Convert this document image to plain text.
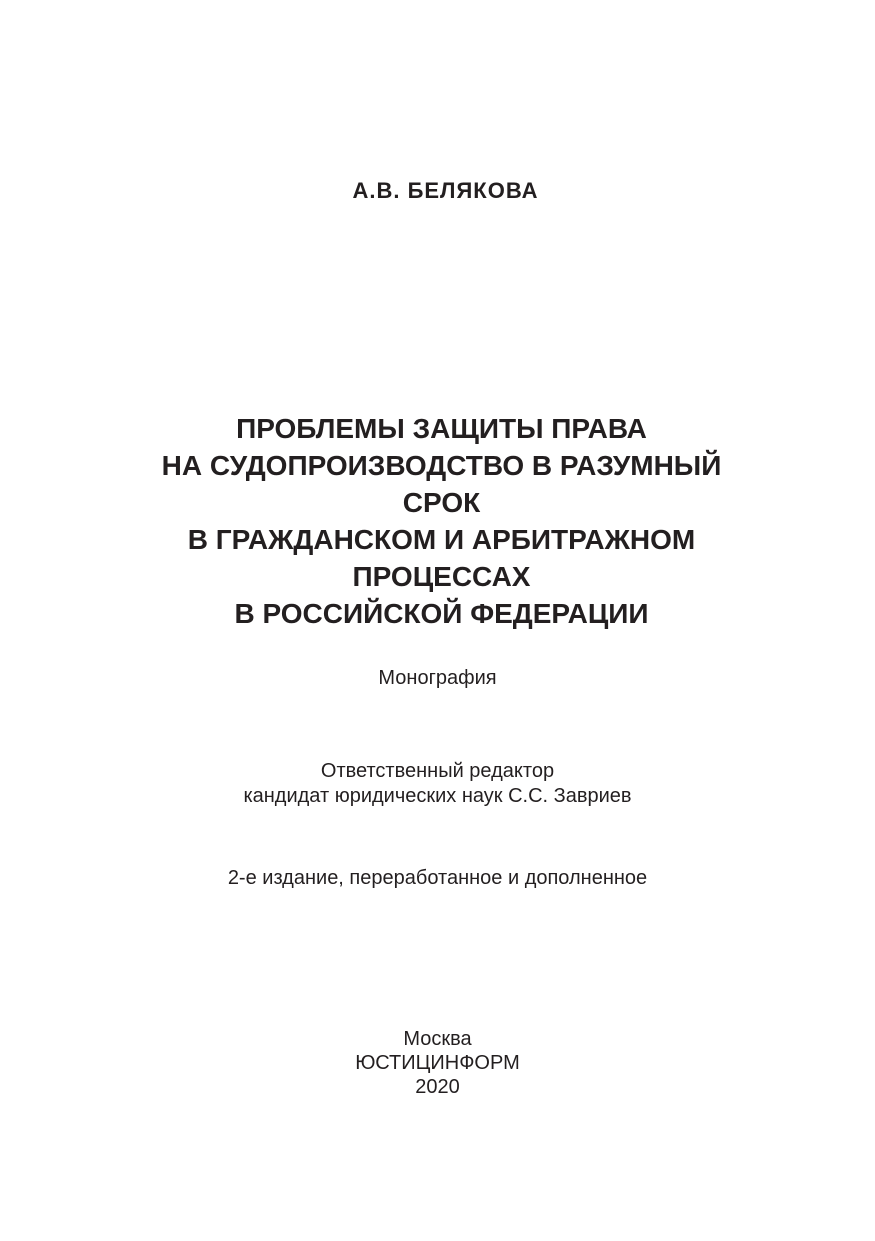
А.В. БЕЛЯКОВА
ПРОБЛЕМЫ ЗАЩИТЫ ПРАВА
НА СУДОПРОИЗВОДСТВО В РАЗУМНЫЙ
СРОК
В ГРАЖДАНСКОМ И АРБИТРАЖНОМ
ПРОЦЕССАХ
В РОССИЙСКОЙ ФЕДЕРАЦИИ
Монография
Ответственный редактор
кандидат юридических наук С.С. Завриев
2-е издание, переработанное и дополненное
Москва
ЮСТИЦИНФОРМ
2020
